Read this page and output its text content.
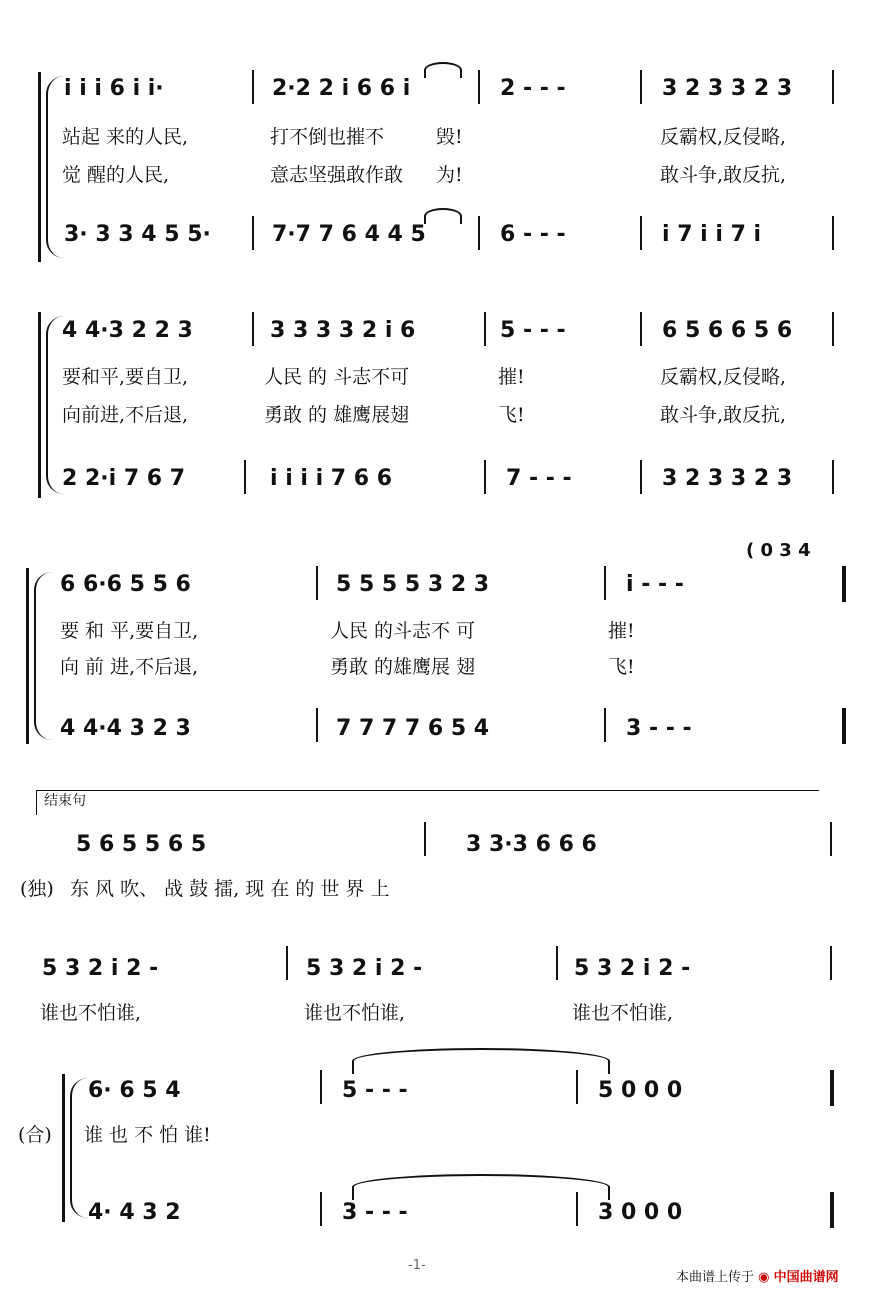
i i i 6 i i·	2·2 2 i 6 6 i	2 - - -	3 2 3 3 2 3
站起 来的人民,	打不倒也摧不	毁!	反霸权,反侵略,
觉 醒的人民,	意志坚强敢作敢 为!	敢斗争,敢反抗,
3· 3 3 4 5 5·	7·7 7 6 4 4 5	6 - - -	i 7 i i 7 i
4 4·3 2 2 3	3 3 3 3 2 i 6	5 - - -	6 5 6 6 5 6
要和平,要自卫,	人民 的 斗志不可	摧!	反霸权,反侵略,
向前进,不后退,	勇敢 的 雄鹰展翅	飞!	敢斗争,敢反抗,
2 2·i 7 6 7	i i i i 7 6 6	7 - - -	3 2 3 3 2 3
( 0 3 4
6 6·6 5 5 6	5 5 5 5 3 2 3	i - - -
要 和 平,要自卫,	人民 的斗志不 可	摧!
向 前 进,不后退,	勇敢 的雄鹰展 翅	飞!
4 4·4 3 2 3	7 7 7 7 6 5 4	3 - - -
结束句
5 6 5 5 6 5	3 3·3 6 6 6
(独) 东 风 吹、 战 鼓 擂, 现 在 的 世 界 上
5 3 2 i 2 -	5 3 2 i 2 -	5 3 2 i 2 -
谁也不怕谁,	谁也不怕谁,	谁也不怕谁,
6· 6 5 4	5 - - -	5 0 0 0
(合) 谁 也 不 怕 谁!
4· 4 3 2	3 - - -	3 0 0 0
-1-
本曲谱上传于 ◉ 中国曲谱网
